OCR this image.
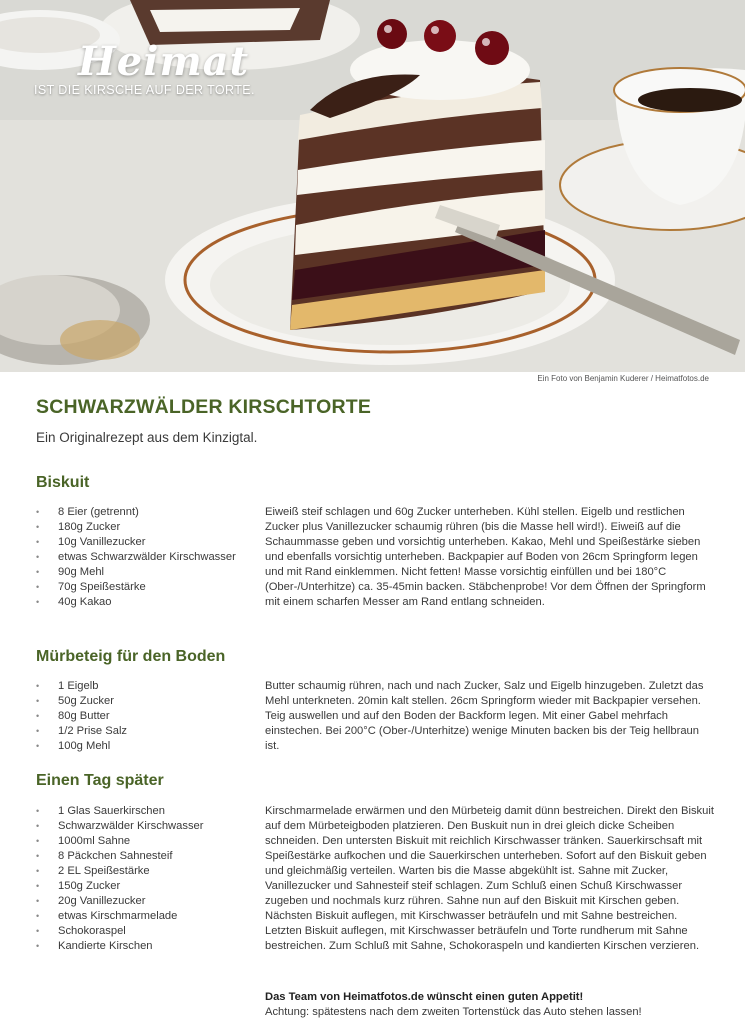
Heimat
IST DIE KIRSCHE AUF DER TORTE.
Ein Foto von Benjamin Kuderer / Heimatfotos.de
SCHWARZWÄLDER KIRSCHTORTE
Ein Originalrezept aus dem Kinzigtal.
Biskuit
• 8 Eier (getrennt)
• 180g Zucker
• 10g Vanillezucker
• etwas Schwarzwälder Kirschwasser
• 90g Mehl
• 70g Speißestärke
• 40g Kakao
Eiweiß steif schlagen und 60g Zucker unterheben. Kühl stellen. Eigelb und restlichen Zucker plus Vanillezucker schaumig rühren (bis die Masse hell wird!). Eiweiß auf die Schaummasse geben und vorsichtig unterheben. Kakao, Mehl und Speißestärke sieben und ebenfalls vorsichtig unterheben. Backpapier auf Boden von 26cm Springform legen und mit Rand einklemmen. Nicht fetten! Masse vorsichtig einfüllen und bei 180°C (Ober-/Unterhitze) ca. 35-45min backen. Stäbchenprobe! Vor dem Öffnen der Springform mit einem scharfen Messer am Rand entlang schneiden.
Mürbeteig für den Boden
• 1 Eigelb
• 50g Zucker
• 80g Butter
• 1/2 Prise Salz
• 100g Mehl
Butter schaumig rühren, nach und nach Zucker, Salz und Eigelb hinzugeben. Zuletzt das Mehl unterkneten. 20min kalt stellen. 26cm Springform wieder mit Backpapier versehen. Teig auswellen und auf den Boden der Backform legen. Mit einer Gabel mehrfach einstechen. Bei 200°C (Ober-/Unterhitze) wenige Minuten backen bis der Teig hellbraun ist.
Einen Tag später
• 1 Glas Sauerkirschen
• Schwarzwälder Kirschwasser
• 1000ml Sahne
• 8 Päckchen Sahnesteif
• 2 EL Speißestärke
• 150g Zucker
• 20g Vanillezucker
• etwas Kirschmarmelade
• Schokoraspel
• Kandierte Kirschen
Kirschmarmelade erwärmen und den Mürbeteig damit dünn bestreichen. Direkt den Biskuit auf dem Mürbeteigboden platzieren. Den Buskuit nun in drei gleich dicke Scheiben schneiden. Den untersten Biskuit mit reichlich Kirschwasser tränken. Sauerkirschsaft mit Speißestärke aufkochen und die Sauerkirschen unterheben. Sofort auf den Biskuit geben und gleichmäßig verteilen. Warten bis die Masse abgekühlt ist. Sahne mit Zucker, Vanillezucker und Sahnesteif steif schlagen. Zum Schluß einen Schuß Kirschwasser zugeben und nochmals kurz rühren. Sahne nun auf den Biskuit mit Kirschen geben. Nächsten Biskuit auflegen, mit Kirschwasser beträufeln und mit Sahne bestreichen. Letzten Biskuit auflegen, mit Kirschwasser beträufeln und Torte rundherum mit Sahne bestreichen. Zum Schluß mit Sahne, Schokoraspeln und kandierten Kirschen verzieren.
Das Team von Heimatfotos.de wünscht einen guten Appetit!
Achtung: spätestens nach dem zweiten Tortenstück das Auto stehen lassen!
